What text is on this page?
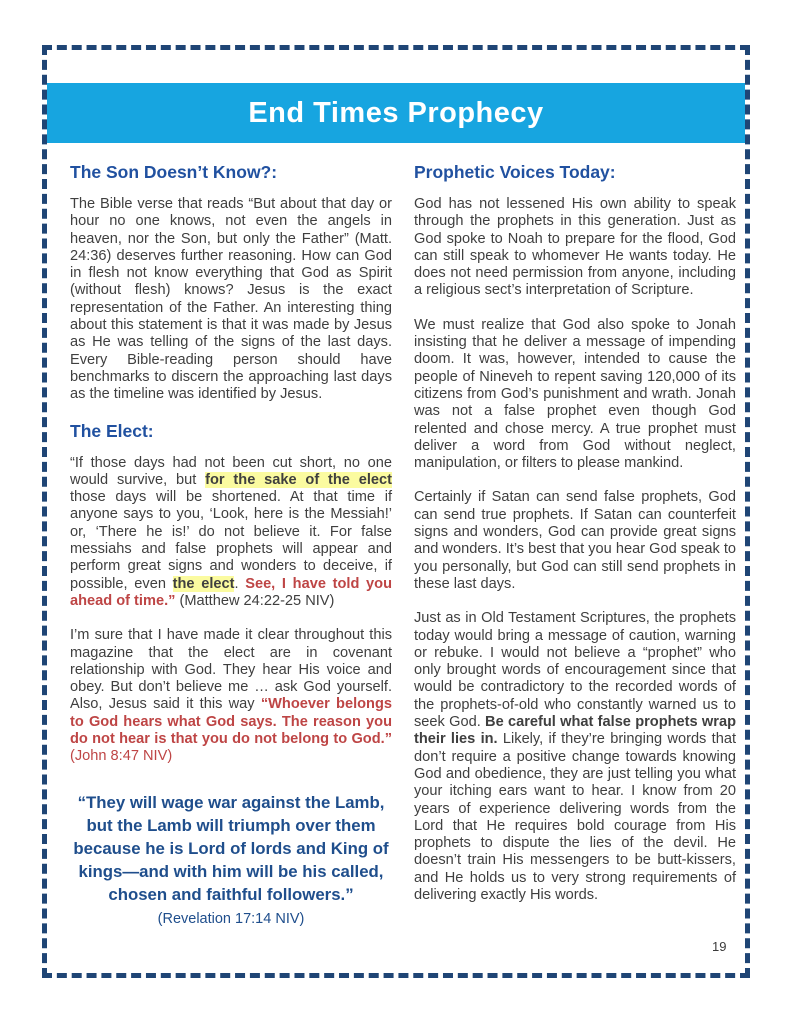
End Times Prophecy
The Son Doesn’t Know?:

The Bible verse that reads “But about that day or hour no one knows, not even the angels in heaven, nor the Son, but only the Father” (Matt. 24:36) deserves further reasoning. How can God in flesh not know everything that God as Spirit (without flesh) knows? Jesus is the exact representation of the Father. An interesting thing about this statement is that it was made by Jesus as He was telling of the signs of the last days. Every Bible-reading person should have benchmarks to discern the approaching last days as the timeline was identified by Jesus.

The Elect:

“If those days had not been cut short, no one would survive, but for the sake of the elect those days will be shortened. At that time if anyone says to you, ‘Look, here is the Messiah!’ or, ‘There he is!’ do not believe it. For false messiahs and false prophets will appear and perform great signs and wonders to deceive, if possible, even the elect. See, I have told you ahead of time.” (Matthew 24:22-25 NIV)

I’m sure that I have made it clear throughout this magazine that the elect are in covenant relationship with God. They hear His voice and obey. But don’t believe me … ask God yourself. Also, Jesus said it this way “Whoever belongs to God hears what God says. The reason you do not hear is that you do not belong to God.” (John 8:47 NIV)

“They will wage war against the Lamb, but the Lamb will triumph over them because he is Lord of lords and King of kings—and with him will be his called, chosen and faithful followers.”
(Revelation 17:14 NIV)
Prophetic Voices Today:

God has not lessened His own ability to speak through the prophets in this generation. Just as God spoke to Noah to prepare for the flood, God can still speak to whomever He wants today. He does not need permission from anyone, including a religious sect’s interpretation of Scripture.

We must realize that God also spoke to Jonah insisting that he deliver a message of impending doom. It was, however, intended to cause the people of Nineveh to repent saving 120,000 of its citizens from God’s punishment and wrath. Jonah was not a false prophet even though God relented and chose mercy. A true prophet must deliver a word from God without neglect, manipulation, or filters to please mankind.

Certainly if Satan can send false prophets, God can send true prophets. If Satan can counterfeit signs and wonders, God can provide great signs and wonders. It’s best that you hear God speak to you personally, but God can still send prophets in these last days.

Just as in Old Testament Scriptures, the prophets today would bring a message of caution, warning or rebuke. I would not believe a “prophet” who only brought words of encouragement since that would be contradictory to the recorded words of the prophets-of-old who constantly warned us to seek God. Be careful what false prophets wrap their lies in. Likely, if they’re bringing words that don’t require a positive change towards knowing God and obedience, they are just telling you what your itching ears want to hear. I know from 20 years of experience delivering words from the Lord that He requires bold courage from His prophets to dispute the lies of the devil. He doesn’t train His messengers to be butt-kissers, and He holds us to very strong requirements of delivering exactly His words.

19
